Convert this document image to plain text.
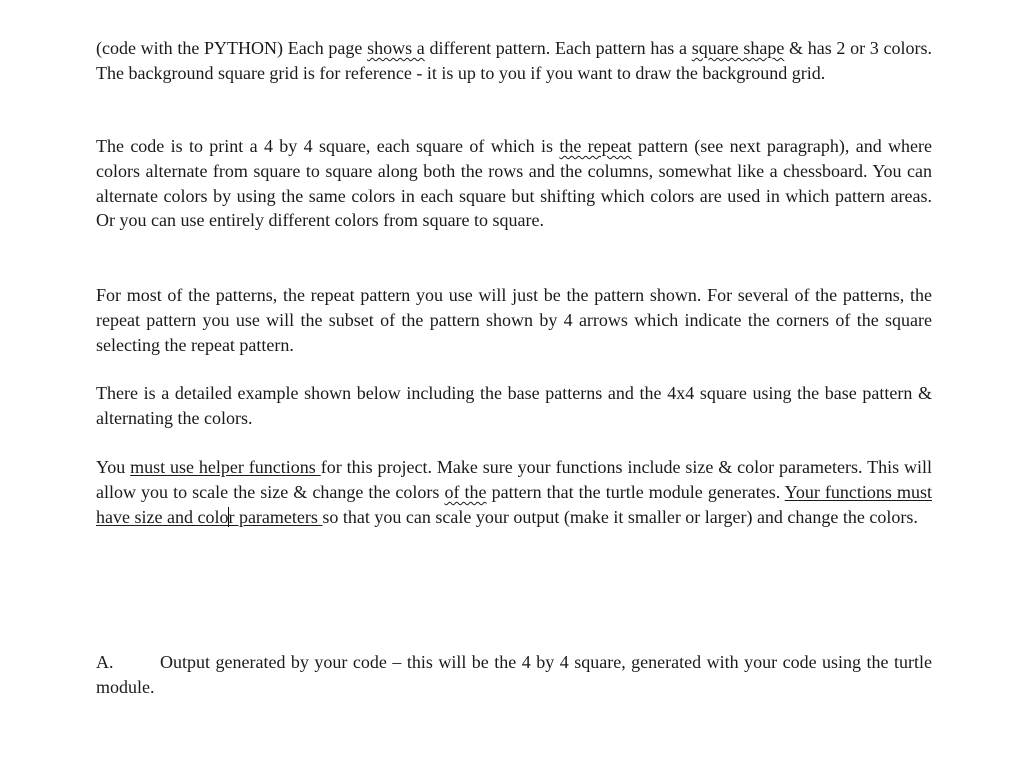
(code with the PYTHON) Each page shows a different pattern. Each pattern has a square shape & has 2 or 3 colors. The background square grid is for reference - it is up to you if you want to draw the background grid.

The code is to print a 4 by 4 square, each square of which is the repeat pattern (see next paragraph), and where colors alternate from square to square along both the rows and the columns, somewhat like a chessboard. You can alternate colors by using the same colors in each square but shifting which colors are used in which pattern areas. Or you can use entirely different colors from square to square.

For most of the patterns, the repeat pattern you use will just be the pattern shown. For several of the patterns, the repeat pattern you use will the subset of the pattern shown by 4 arrows which indicate the corners of the square selecting the repeat pattern.

There is a detailed example shown below including the base patterns and the 4x4 square using the base pattern & alternating the colors.

You must use helper functions for this project. Make sure your functions include size & color parameters. This will allow you to scale the size & change the colors of the pattern that the turtle module generates. Your functions must have size and color parameters so that you can scale your output (make it smaller or larger) and change the colors.

A.	Output generated by your code – this will be the 4 by 4 square, generated with your code using the turtle module.
